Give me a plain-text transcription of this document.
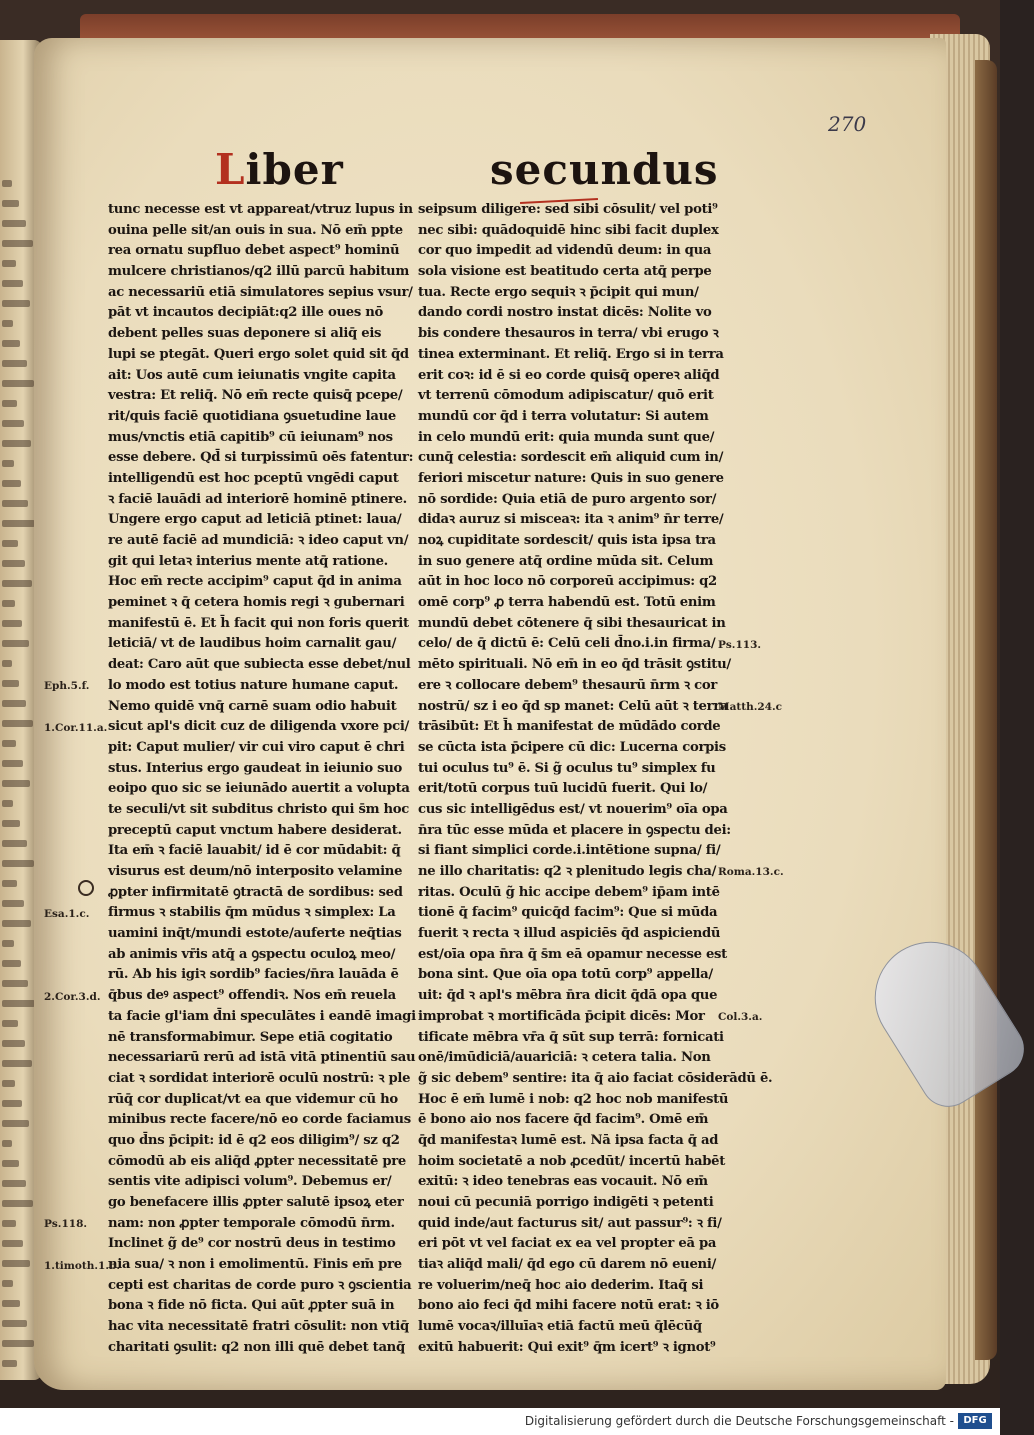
270
Liber	secundus
tunc necesse est vt appareat/vtruz lupus in
ouina pelle sit/an ouis in sua. Nō em̄ ppte
rea ornatu supfluo debet aspect⁹ hominū
mulcere christianos/q2 illū parcū habitum
ac necessariū etiā simulatores sepius vsur/
pāt vt incautos decipiāt:q2 ille oues nō
debent pelles suas deponere si aliq̄ eis
lupi se ptegāt. Queri ergo solet quid sit q̄d
ait: Uos autē cum ieiunatis vngite capita
vestra: Et reliq̄. Nō em̄ recte quisq̄ pcepe/
rit/quis faciē quotidiana ꝯsuetudine laue
mus/vnctis etiā capitib⁹ cū ieiunam⁹ nos
esse debere. Qd̄ si turpissimū oēs fatentur:
intelligendū est hoc pceptū vngēdi caput
ꝛ faciē lauādi ad interiorē hominē ptinere.
Ungere ergo caput ad leticiā ptinet: laua/
re autē faciē ad mundiciā: ꝛ ideo caput vn/
git qui letaꝛ interius mente atq̄ ratione.
Hoc em̄ recte accipim⁹ caput q̄d in anima
peminet ꝛ q̄ cetera homis regi ꝛ gubernari
manifestū ē. Et h̄ facit qui non foris querit
leticiā/ vt de laudibus hoim carnalit gau/
deat: Caro aūt que subiecta esse debet/nul
lo modo est totius nature humane caput.
Nemo quidē vnq̄ carnē suam odio habuit
sicut apl's dicit cuz de diligenda vxore pci/
pit: Caput mulier/ vir cui viro caput ē chri
stus. Interius ergo gaudeat in ieiunio suo
eoipo quo sic se ieiunādo auertit a volupta
te seculi/vt sit subditus christo qui s̄m hoc
preceptū caput vnctum habere desiderat.
Ita em̄ ꝛ faciē lauabit/ id ē cor mūdabit: q̄
visurus est deum/nō interposito velamine
ꝓpter infirmitatē ꝯtractā de sordibus: sed
firmus ꝛ stabilis q̄m mūdus ꝛ simplex: La
uamini inq̄t/mundi estote/auferte neq̄tias
ab animis vr̄is atq̄ a ꝯspectu oculoꝝ meo/
rū. Ab his igiꝛ sordib⁹ facies/n̄ra lauāda ē
q̄bus deꝰ aspect⁹ offendiꝛ. Nos em̄ reuela
ta facie gl'iam d̄ni speculātes i eandē imagi
nē transformabimur. Sepe etiā cogitatio
necessariarū rerū ad istā vitā ptinentiū sau
ciat ꝛ sordidat interiorē oculū nostrū: ꝛ ple
rūq̄ cor duplicat/vt ea que videmur cū ho
minibus recte facere/nō eo corde faciamus
quo d̄ns p̄cipit: id ē q2 eos diligim⁹/ sz q2
cōmodū ab eis aliq̄d ꝓpter necessitatē pre
sentis vite adipisci volum⁹. Debemus er/
go benefacere illis ꝓpter salutē ipsoꝝ eter
nam: non ꝓpter temporale cōmodū n̄rm.
Inclinet g̃ de⁹ cor nostrū deus in testimo
nia sua/ ꝛ non i emolimentū. Finis em̄ pre
cepti est charitas de corde puro ꝛ ꝯscientia
bona ꝛ fide nō ficta. Qui aūt ꝓpter suā in
hac vita necessitatē fratri cōsulit: non vtiq̄
charitati ꝯsulit: q2 non illi quē debet tanq̄
seipsum diligere: sed sibi cōsulit/ vel poti⁹
nec sibi: quādoquidē hinc sibi facit duplex
cor quo impedit ad videndū deum: in qua
sola visione est beatitudo certa atq̄ perpe
tua. Recte ergo sequiꝛ ꝛ p̄cipit qui mun/
dando cordi nostro instat dicēs: Nolite vo
bis condere thesauros in terra/ vbi erugo ꝛ
tinea exterminant. Et reliq̄. Ergo si in terra
erit coꝛ: id ē si eo corde quisq̄ opereꝛ aliq̄d
vt terrenū cōmodum adipiscatur/ quō erit
mundū cor q̄d i terra volutatur: Si autem
in celo mundū erit: quia munda sunt que/
cunq̄ celestia: sordescit em̄ aliquid cum in/
feriori miscetur nature: Quis in suo genere
nō sordide: Quia etiā de puro argento sor/
didaꝛ auruz si misceaꝛ: ita ꝛ anim⁹ n̄r terre/
noꝝ cupiditate sordescit/ quis ista ipsa tra
in suo genere atq̄ ordine mūda sit. Celum
aūt in hoc loco nō corporeū accipimus: q2
omē corp⁹ ꝓ terra habendū est. Totū enim
mundū debet cōtenere q̄ sibi thesauricat in
celo/ de q̄ dictū ē: Celū celi d̄no.i.in firma/
mēto spirituali. Nō em̄ in eo q̄d trāsit ꝯstitu/
ere ꝛ collocare debem⁹ thesaurū n̄rm ꝛ cor
nostrū/ sz i eo q̄d sp manet: Celū aūt ꝛ terra
trāsibūt: Et h̄ manifestat de mūdādo corde
se cūcta ista p̄cipere cū dic: Lucerna corpis
tui oculus tu⁹ ē. Si g̃ oculus tu⁹ simplex fu
erit/totū corpus tuū lucidū fuerit. Qui lo/
cus sic intelligēdus est/ vt nouerim⁹ oīa opa
n̄ra tūc esse mūda et placere in ꝯspectu dei:
si fiant simplici corde.i.intētione supna/ fi/
ne illo charitatis: q2 ꝛ plenitudo legis cha/
ritas. Oculū g̃ hic accipe debem⁹ ip̄am intē
tionē q̄ facim⁹ quicq̄d facim⁹: Que si mūda
fuerit ꝛ recta ꝛ illud aspiciēs q̄d aspiciendū
est/oīa opa n̄ra q̄ s̄m eā opamur necesse est
bona sint. Que oīa opa totū corp⁹ appella/
uit: q̄d ꝛ apl's mēbra n̄ra dicit q̄dā opa que
improbat ꝛ mortificāda p̄cipit dicēs: Mor
tificate mēbra vr̄a q̄ sūt sup terrā: fornicati
onē/imūdiciā/auariciā: ꝛ cetera talia. Non
g̃ sic debem⁹ sentire: ita q̄ aio faciat cōsiderādū ē.
Hoc ē em̄ lumē i nob: q2 hoc nob manifestū
ē bono aio nos facere q̄d facim⁹. Omē em̄
q̄d manifestaꝛ lumē est. Nā ipsa facta q̄ ad
hoim societatē a nob ꝓcedūt/ incertū habēt
exitū: ꝛ ideo tenebras eas vocauit. Nō em̄
noui cū pecuniā porrigo indigēti ꝛ petenti
quid inde/aut facturus sit/ aut passur⁹: ꝛ fi/
eri pōt vt vel faciat ex ea vel propter eā pa
tiaꝛ aliq̄d mali/ q̄d ego cū darem nō eueni/
re voluerim/neq̄ hoc aio dederim. Itaq̄ si
bono aio feci q̄d mihi facere notū erat: ꝛ iō
lumē vocaꝛ/illuīaꝛ etiā factū meū q̄lēcūq̄
exitū habuerit: Qui exit⁹ q̄m icert⁹ ꝛ ignot⁹
Eph.5.f.
1.Cor.11.a.
Esa.1.c.
2.Cor.3.d.
Ps.118.
1.timoth.1.b.
Ps.113.
Matth.24.c
Roma.13.c.
Col.3.a.
Digitalisierung gefördert durch die Deutsche Forschungsgemeinschaft - DFG
